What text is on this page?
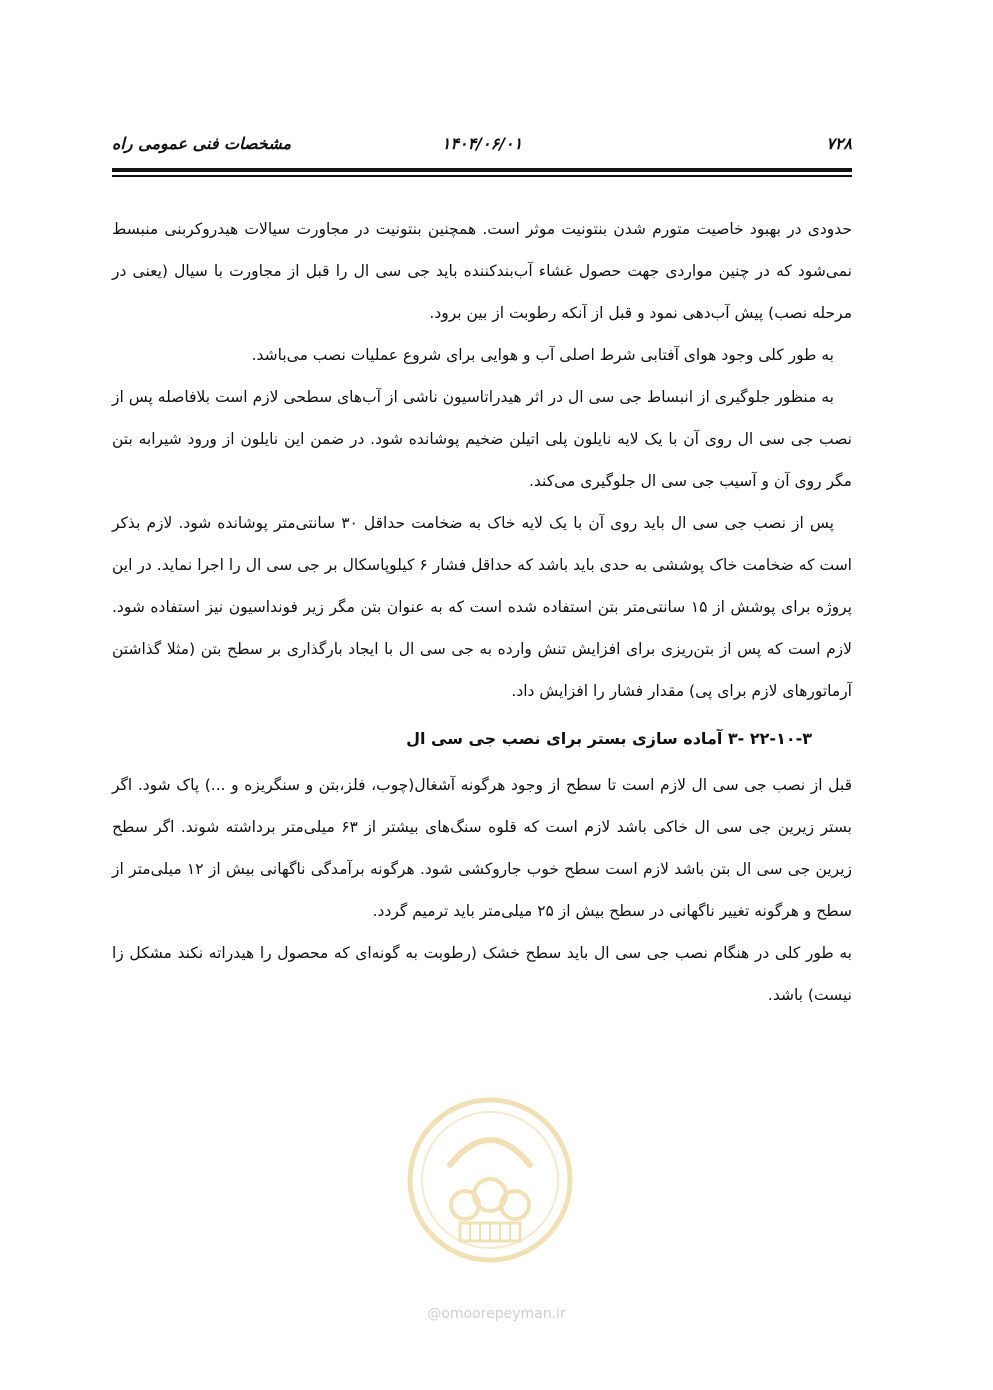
۷۲۸
۱۴۰۴/۰۶/۰۱
مشخصات فنی عمومی راه

حدودی در بهبود خاصیت متورم شدن بنتونیت موثر است. همچنین بنتونیت در مجاورت سیالات هیدروکربنی منبسط نمی‌شود که در چنین مواردی جهت حصول غشاء آب‌بندکننده باید جی سی ال را قبل از مجاورت با سیال (یعنی در مرحله نصب) پیش آب‌دهی نمود و قبل از آنکه رطوبت از بین برود.

به طور کلی وجود هوای آفتابی شرط اصلی آب و هوایی برای شروع عملیات نصب می‌باشد.

به منظور جلوگیری از انبساط جی سی ال در اثر هیدراتاسیون ناشی از آب‌های سطحی لازم است بلافاصله پس از نصب جی سی ال روی آن با یک لایه نایلون پلی اتیلن ضخیم پوشانده شود. در ضمن این نایلون از ورود شیرابه بتن مگر روی آن و آسیب جی سی ال جلوگیری می‌کند.

پس از نصب جی سی ال باید روی آن با یک لایه خاک به ضخامت حداقل ۳۰ سانتی‌متر پوشانده شود. لازم بذکر است که ضخامت خاک پوششی به حدی باید باشد که حداقل فشار ۶ کیلوپاسکال بر جی سی ال را اجرا نماید. در این پروژه برای پوشش از ۱۵ سانتی‌متر بتن استفاده شده است که به عنوان بتن مگر زیر فونداسیون نیز استفاده شود. لازم است که پس از بتن‌ریزی برای افزایش تنش وارده به جی سی ال با ایجاد بارگذاری بر سطح بتن (مثلا گذاشتن آرماتورهای لازم برای پی) مقدار فشار را افزایش داد.

۲۲-۱۰-۳ -۳ آماده سازی بستر برای نصب جی سی ال

قبل از نصب جی سی ال لازم است تا سطح از وجود هرگونه آشغال(چوب، فلز،بتن و سنگریزه و ...) پاک شود. اگر بستر زیرین جی سی ال خاکی باشد لازم است که قلوه سنگ‌های بیشتر از ۶۳ میلی‌متر برداشته شوند. اگر سطح زیرین جی سی ال بتن باشد لازم است سطح خوب جاروکشی شود. هرگونه برآمدگی ناگهانی بیش از ۱۲ میلی‌متر از سطح و هرگونه تغییر ناگهانی در سطح بیش از ۲۵ میلی‌متر باید ترمیم گردد.

به طور کلی در هنگام نصب جی سی ال باید سطح خشک (رطوبت به گونه‌ای که محصول را هیدراته نکند مشکل زا نیست) باشد.

@omoorepeyman.ir
